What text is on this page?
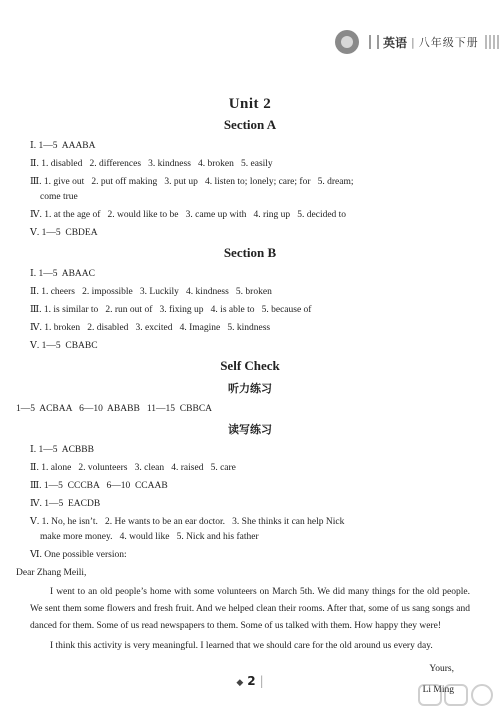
英语 | 八年级下册
Unit 2
Section A

Ⅰ. 1—5  AAABA

Ⅱ. 1. disabled   2. differences   3. kindness   4. broken   5. easily

Ⅲ. 1. give out   2. put off making   3. put up   4. listen to; lonely; care; for   5. dream;

come true

Ⅳ. 1. at the age of   2. would like to be   3. came up with   4. ring up   5. decided to

Ⅴ. 1—5  CBDEA

Section B

Ⅰ. 1—5  ABAAC

Ⅱ. 1. cheers   2. impossible   3. Luckily   4. kindness   5. broken

Ⅲ. 1. is similar to   2. run out of   3. fixing up   4. is able to   5. because of

Ⅳ. 1. broken   2. disabled   3. excited   4. Imagine   5. kindness

Ⅴ. 1—5  CBABC

Self Check
听力练习

1—5  ACBAA   6—10  ABABB   11—15  CBBCA

读写练习

Ⅰ. 1—5  ACBBB

Ⅱ. 1. alone   2. volunteers   3. clean   4. raised   5. care

Ⅲ. 1—5  CCCBA   6—10  CCAAB

Ⅳ. 1—5  EACDB

Ⅴ. 1. No, he isn’t.   2. He wants to be an ear doctor.   3. She thinks it can help Nick

make more money.   4. would like   5. Nick and his father

Ⅵ. One possible version:

Dear Zhang Meili,

I went to an old people’s home with some volunteers on March 5th. We did many things for the old people. We sent them some flowers and fresh fruit. And we helped clean their rooms. After that, some of us sang songs and danced for them. Some of us read newspapers to them. Some of us talked with them. How happy they were!

I think this activity is very meaningful. I learned that we should care for the old around us every day.

Yours,

Li Ming

◆ 2 |
